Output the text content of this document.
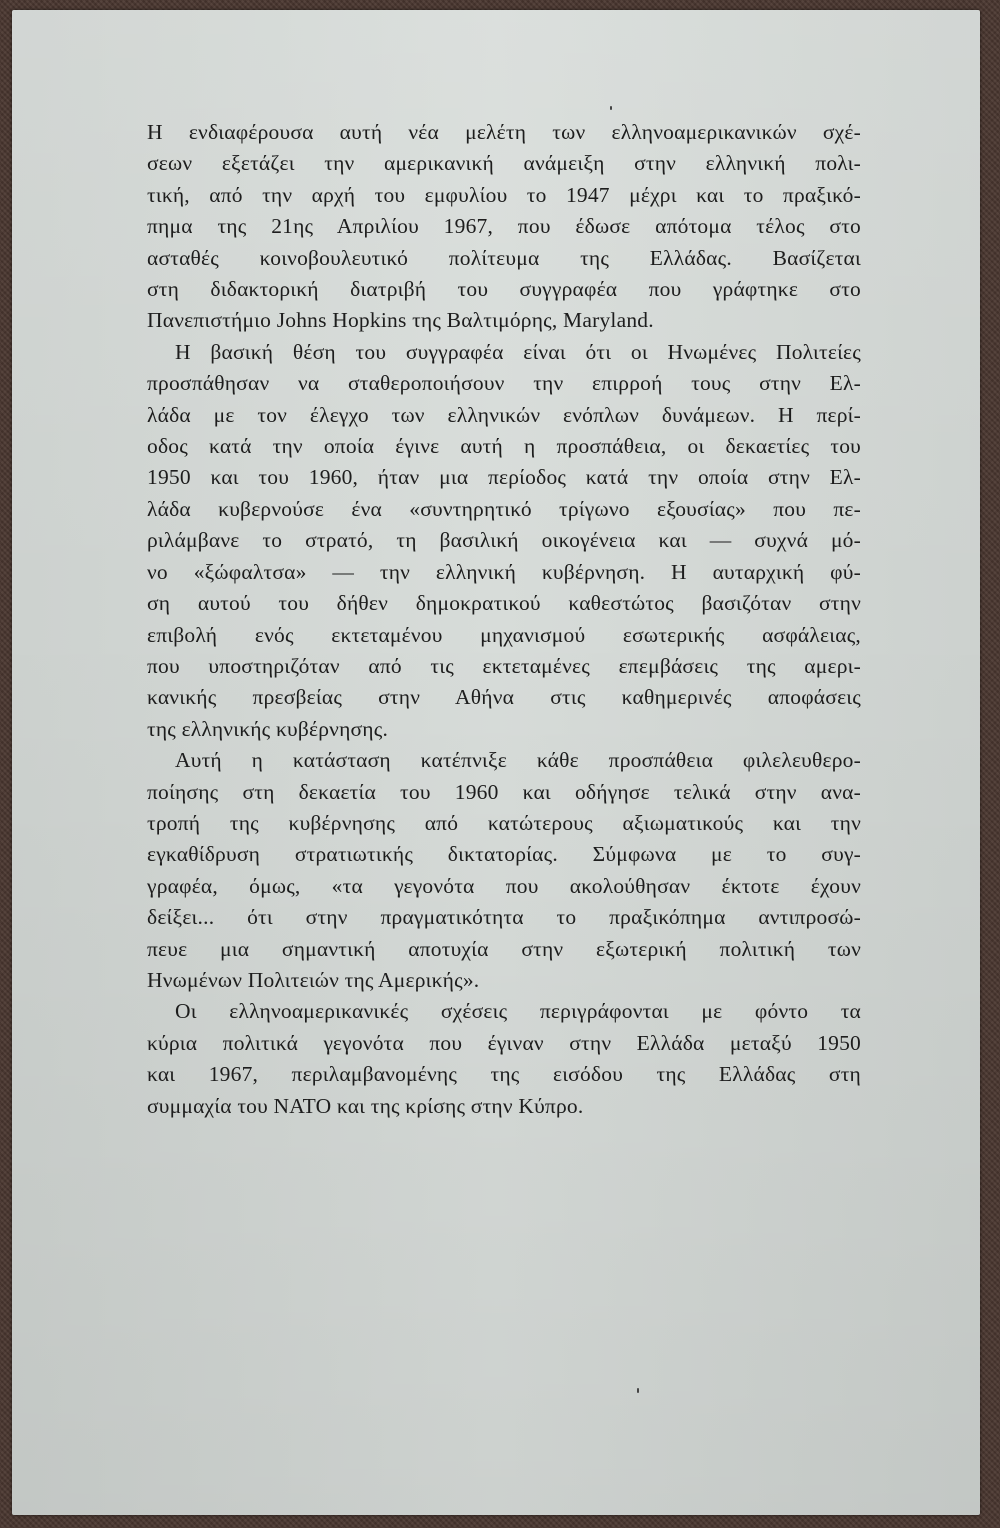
Η ενδιαφέρουσα αυτή νέα μελέτη των ελληνοαμερικανικών σχέ-
σεων εξετάζει την αμερικανική ανάμειξη στην ελληνική πολι-
τική, από την αρχή του εμφυλίου το 1947 μέχρι και το πραξικό-
πημα της 21ης Απριλίου 1967, που έδωσε απότομα τέλος στο
ασταθές κοινοβουλευτικό πολίτευμα της Ελλάδας. Βασίζεται
στη διδακτορική διατριβή του συγγραφέα που γράφτηκε στο
Πανεπιστήμιο Johns Hopkins της Βαλτιμόρης, Maryland.
Η βασική θέση του συγγραφέα είναι ότι οι Ηνωμένες Πολιτείες
προσπάθησαν να σταθεροποιήσουν την επιρροή τους στην Ελ-
λάδα με τον έλεγχο των ελληνικών ενόπλων δυνάμεων. Η περί-
οδος κατά την οποία έγινε αυτή η προσπάθεια, οι δεκαετίες του
1950 και του 1960, ήταν μια περίοδος κατά την οποία στην Ελ-
λάδα κυβερνούσε ένα «συντηρητικό τρίγωνο εξουσίας» που πε-
ριλάμβανε το στρατό, τη βασιλική οικογένεια και — συχνά μό-
νο «ξώφαλτσα» — την ελληνική κυβέρνηση. Η αυταρχική φύ-
ση αυτού του δήθεν δημοκρατικού καθεστώτος βασιζόταν στην
επιβολή ενός εκτεταμένου μηχανισμού εσωτερικής ασφάλειας,
που υποστηριζόταν από τις εκτεταμένες επεμβάσεις της αμερι-
κανικής πρεσβείας στην Αθήνα στις καθημερινές αποφάσεις
της ελληνικής κυβέρνησης.
Αυτή η κατάσταση κατέπνιξε κάθε προσπάθεια φιλελευθερο-
ποίησης στη δεκαετία του 1960 και οδήγησε τελικά στην ανα-
τροπή της κυβέρνησης από κατώτερους αξιωματικούς και την
εγκαθίδρυση στρατιωτικής δικτατορίας. Σύμφωνα με το συγ-
γραφέα, όμως, «τα γεγονότα που ακολούθησαν έκτοτε έχουν
δείξει... ότι στην πραγματικότητα το πραξικόπημα αντιπροσώ-
πευε μια σημαντική αποτυχία στην εξωτερική πολιτική των
Ηνωμένων Πολιτειών της Αμερικής».
Οι ελληνοαμερικανικές σχέσεις περιγράφονται με φόντο τα
κύρια πολιτικά γεγονότα που έγιναν στην Ελλάδα μεταξύ 1950
και 1967, περιλαμβανομένης της εισόδου της Ελλάδας στη
συμμαχία του ΝΑΤΟ και της κρίσης στην Κύπρο.
